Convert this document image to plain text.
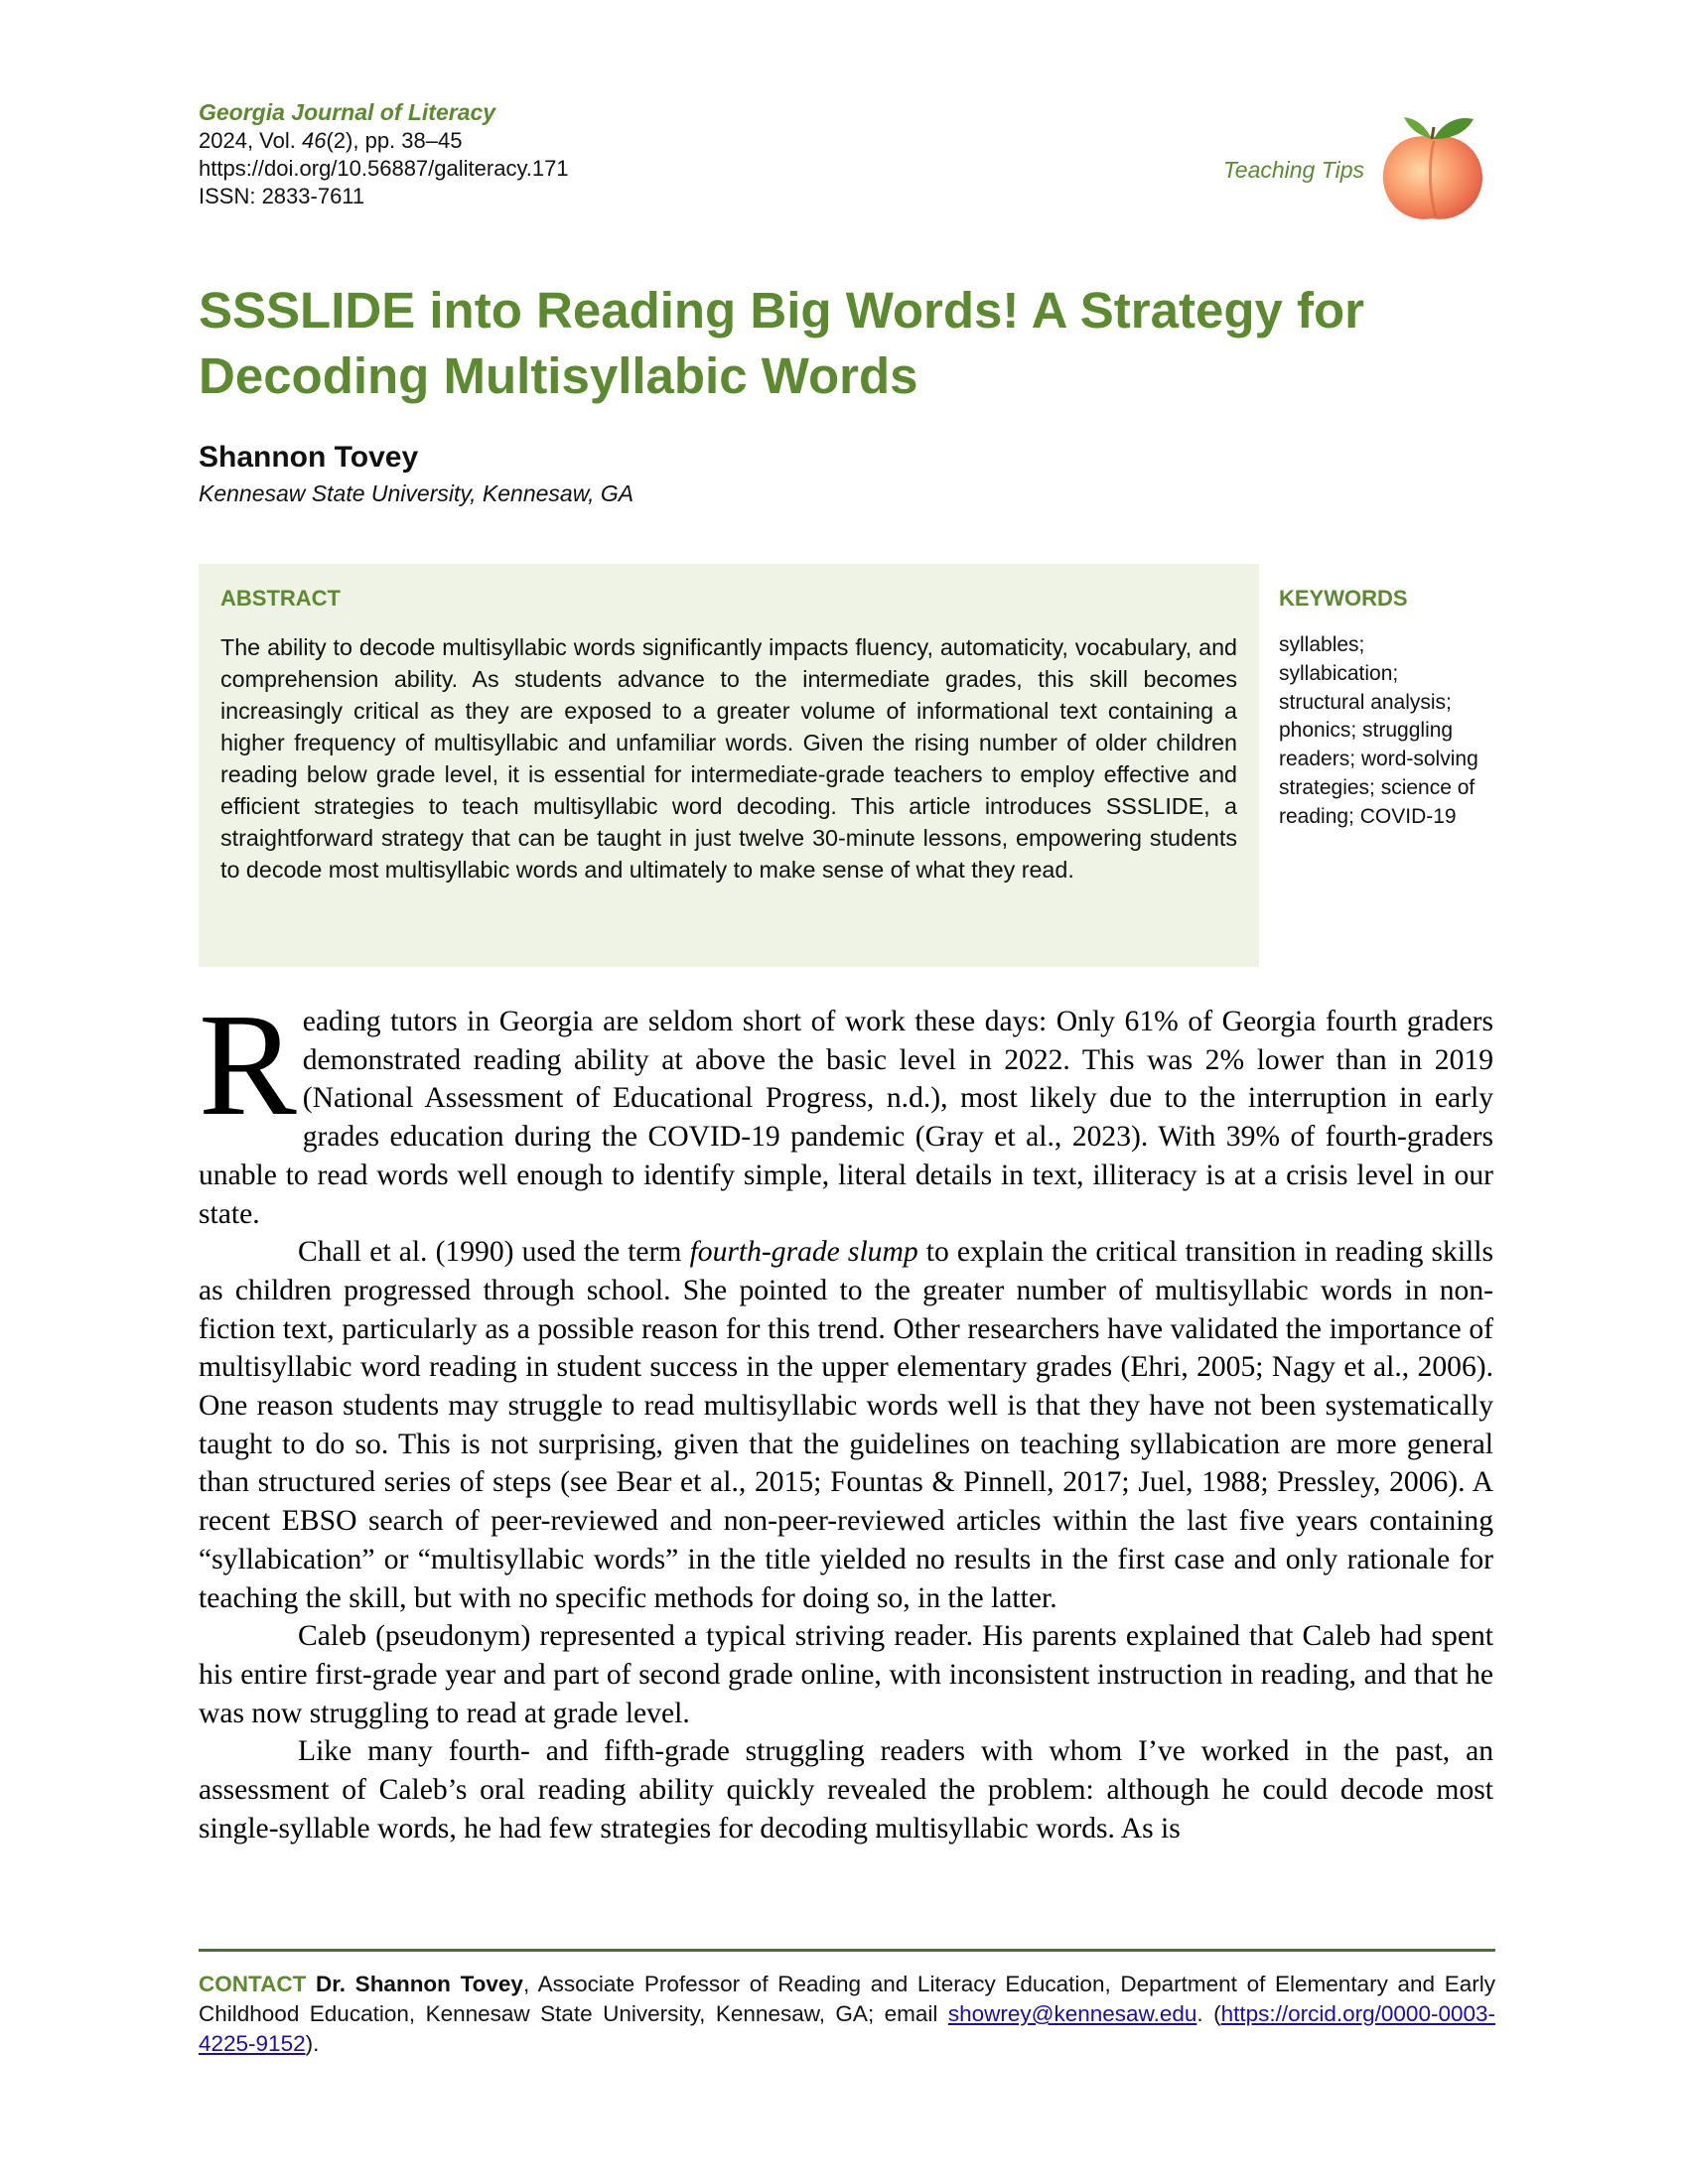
Georgia Journal of Literacy
2024, Vol. 46(2), pp. 38–45
https://doi.org/10.56887/galiteracy.171
ISSN: 2833-7611
Teaching Tips
SSSLIDE into Reading Big Words! A Strategy for Decoding Multisyllabic Words
Shannon Tovey
Kennesaw State University, Kennesaw, GA
ABSTRACT

The ability to decode multisyllabic words significantly impacts fluency, automaticity, vocabulary, and comprehension ability. As students advance to the intermediate grades, this skill becomes increasingly critical as they are exposed to a greater volume of informational text containing a higher frequency of multisyllabic and unfamiliar words. Given the rising number of older children reading below grade level, it is essential for intermediate-grade teachers to employ effective and efficient strategies to teach multisyllabic word decoding. This article introduces SSSLIDE, a straightforward strategy that can be taught in just twelve 30-minute lessons, empowering students to decode most multisyllabic words and ultimately to make sense of what they read.

KEYWORDS

syllables; syllabication; structural analysis; phonics; struggling readers; word-solving strategies; science of reading; COVID-19

Reading tutors in Georgia are seldom short of work these days: Only 61% of Georgia fourth graders demonstrated reading ability at above the basic level in 2022. This was 2% lower than in 2019 (National Assessment of Educational Progress, n.d.), most likely due to the interruption in early grades education during the COVID-19 pandemic (Gray et al., 2023). With 39% of fourth-graders unable to read words well enough to identify simple, literal details in text, illiteracy is at a crisis level in our state.

Chall et al. (1990) used the term fourth-grade slump to explain the critical transition in reading skills as children progressed through school. She pointed to the greater number of multisyllabic words in non-fiction text, particularly as a possible reason for this trend. Other researchers have validated the importance of multisyllabic word reading in student success in the upper elementary grades (Ehri, 2005; Nagy et al., 2006). One reason students may struggle to read multisyllabic words well is that they have not been systematically taught to do so. This is not surprising, given that the guidelines on teaching syllabication are more general than structured series of steps (see Bear et al., 2015; Fountas & Pinnell, 2017; Juel, 1988; Pressley, 2006). A recent EBSO search of peer-reviewed and non-peer-reviewed articles within the last five years containing “syllabication” or “multisyllabic words” in the title yielded no results in the first case and only rationale for teaching the skill, but with no specific methods for doing so, in the latter.

Caleb (pseudonym) represented a typical striving reader. His parents explained that Caleb had spent his entire first-grade year and part of second grade online, with inconsistent instruction in reading, and that he was now struggling to read at grade level.

Like many fourth- and fifth-grade struggling readers with whom I’ve worked in the past, an assessment of Caleb’s oral reading ability quickly revealed the problem: although he could decode most single-syllable words, he had few strategies for decoding multisyllabic words. As is

CONTACT Dr. Shannon Tovey, Associate Professor of Reading and Literacy Education, Department of Elementary and Early Childhood Education, Kennesaw State University, Kennesaw, GA; email showrey@kennesaw.edu. (https://orcid.org/0000-0003-4225-9152).
